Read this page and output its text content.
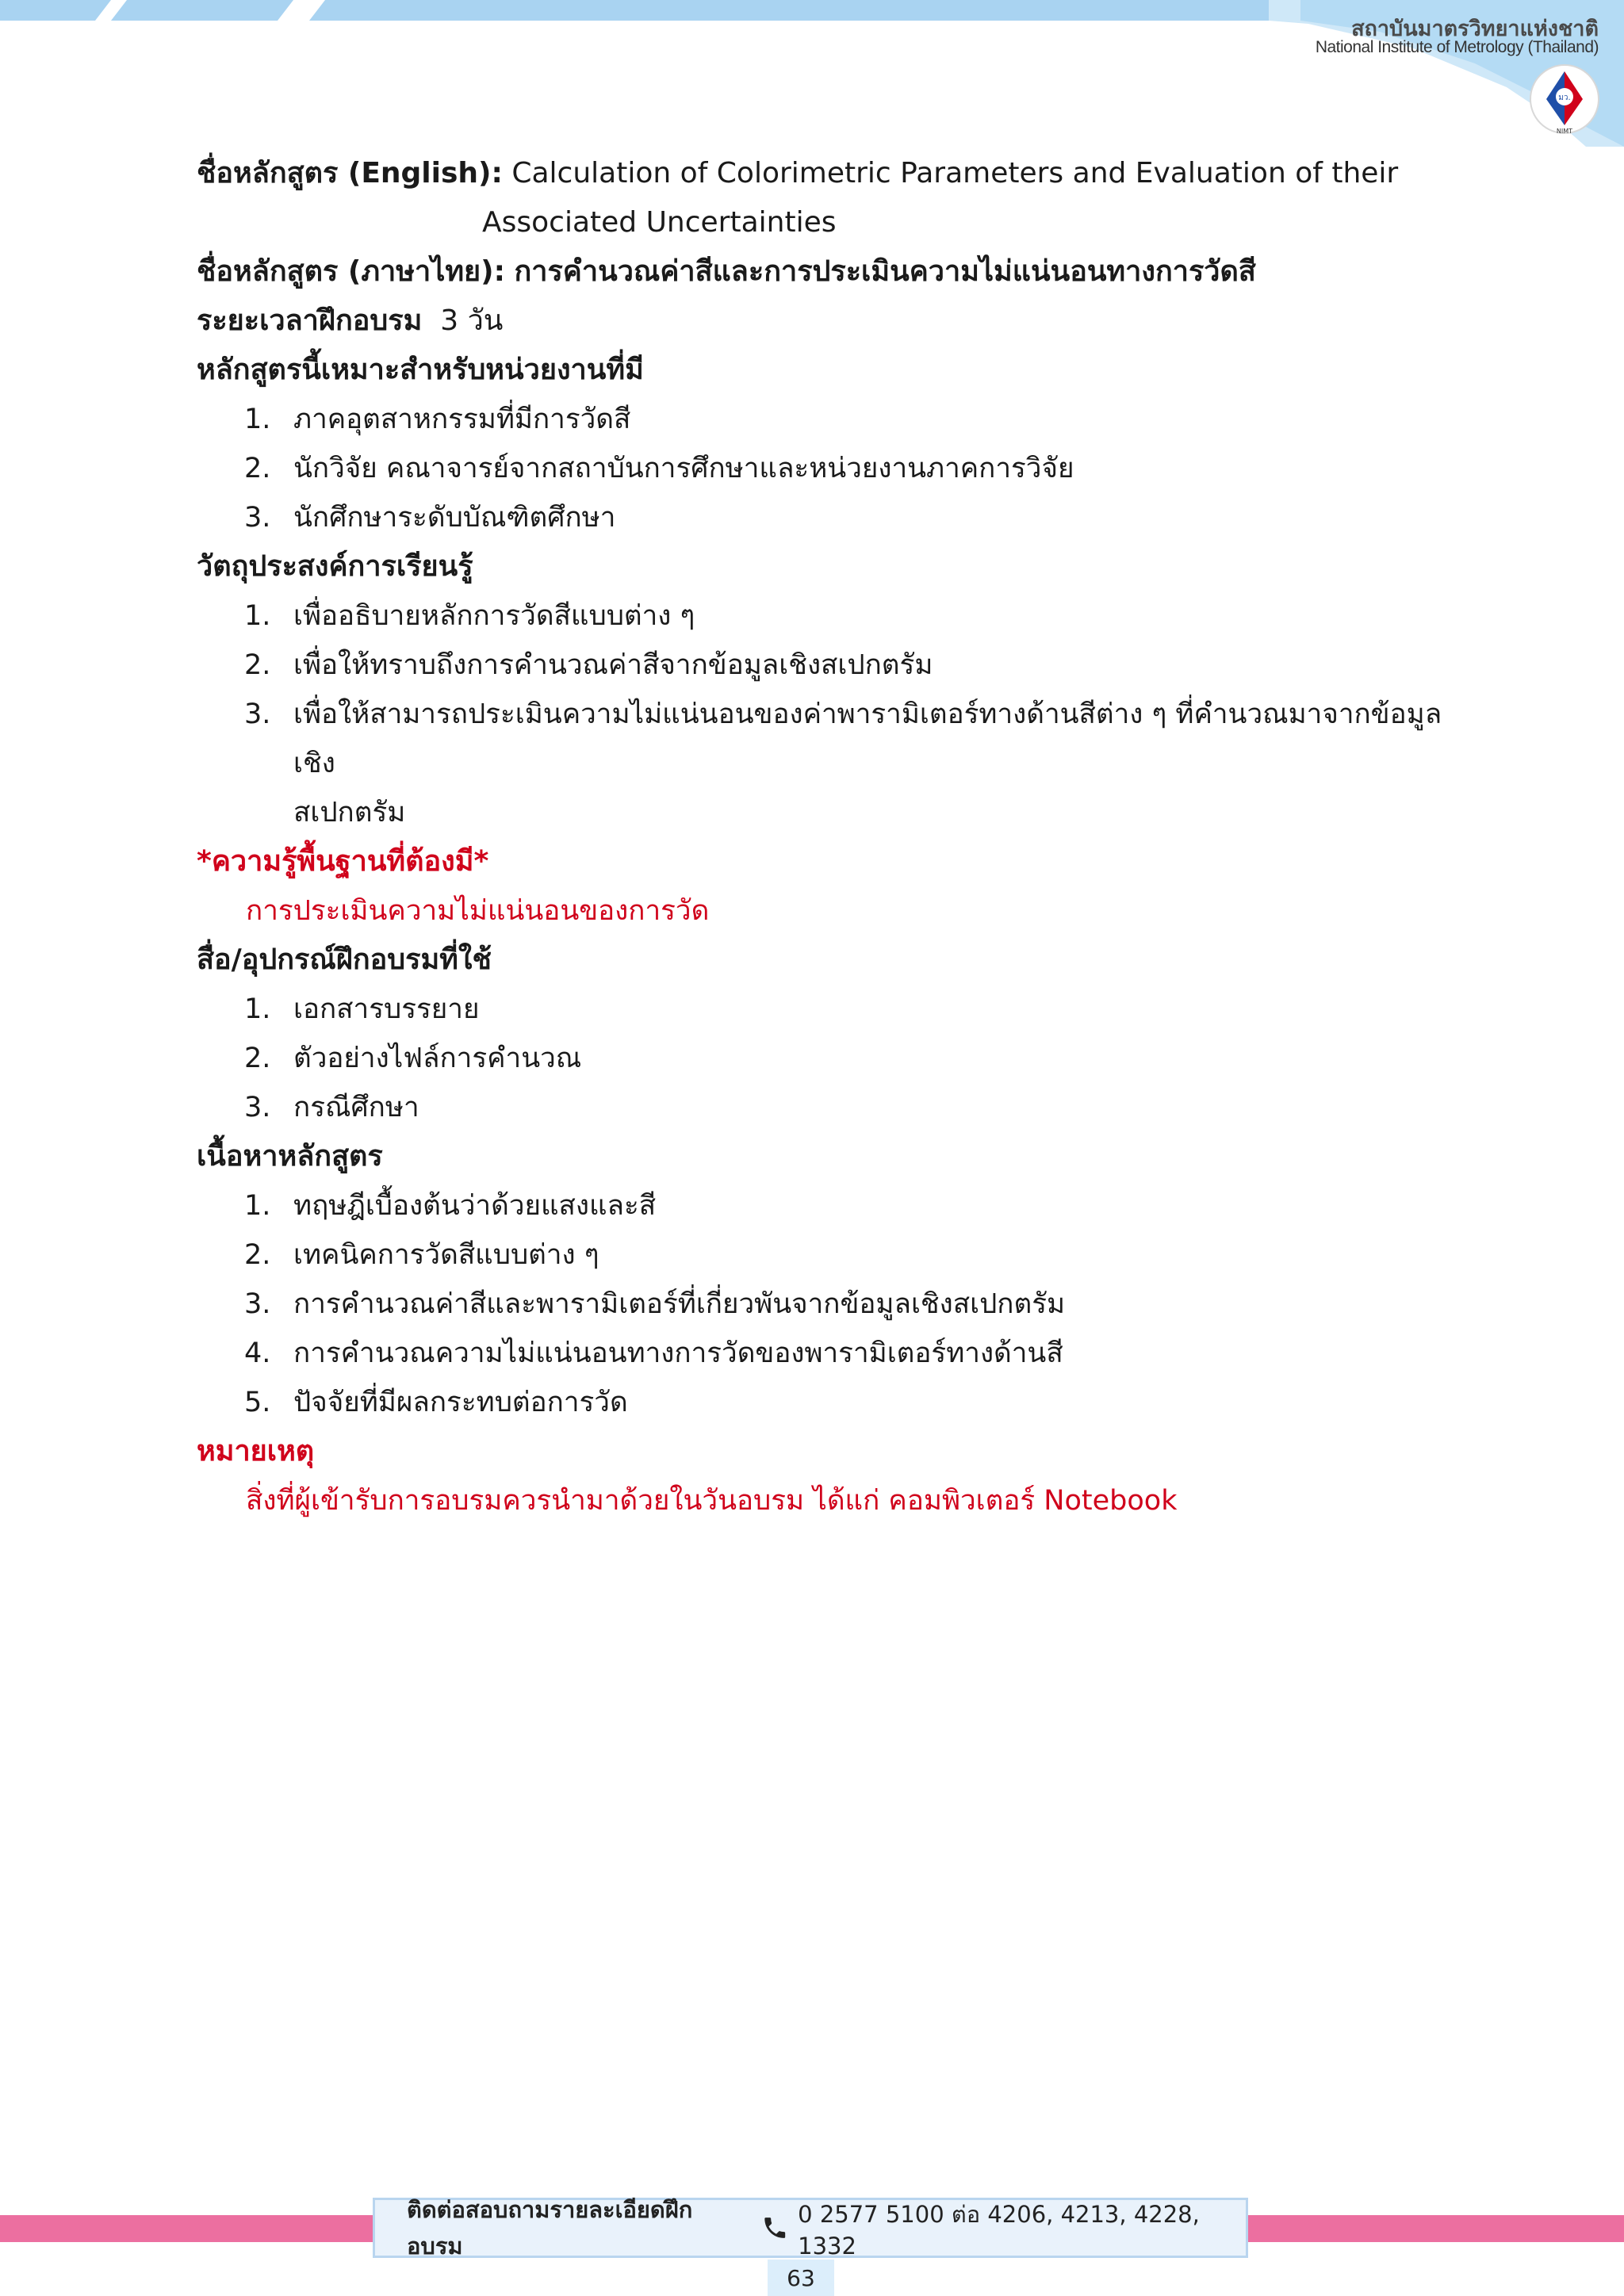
สถาบันมาตรวิทยาแห่งชาติ
National Institute of Metrology (Thailand)
มว.
NIMT
ชื่อหลักสูตร (English): Calculation of Colorimetric Parameters and Evaluation of their
Associated Uncertainties
ชื่อหลักสูตร (ภาษาไทย): การคำนวณค่าสีและการประเมินความไม่แน่นอนทางการวัดสี
ระยะเวลาฝึกอบรม 3 วัน
หลักสูตรนี้เหมาะสำหรับหน่วยงานที่มี
1. ภาคอุตสาหกรรมที่มีการวัดสี
2. นักวิจัย คณาจารย์จากสถาบันการศึกษาและหน่วยงานภาคการวิจัย
3. นักศึกษาระดับบัณฑิตศึกษา
วัตถุประสงค์การเรียนรู้
1. เพื่ออธิบายหลักการวัดสีแบบต่าง ๆ
2. เพื่อให้ทราบถึงการคำนวณค่าสีจากข้อมูลเชิงสเปกตรัม
3. เพื่อให้สามารถประเมินความไม่แน่นอนของค่าพารามิเตอร์ทางด้านสีต่าง ๆ ที่คำนวณมาจากข้อมูลเชิง
สเปกตรัม
*ความรู้พื้นฐานที่ต้องมี*
การประเมินความไม่แน่นอนของการวัด
สื่อ/อุปกรณ์ฝึกอบรมที่ใช้
1. เอกสารบรรยาย
2. ตัวอย่างไฟล์การคำนวณ
3. กรณีศึกษา
เนื้อหาหลักสูตร
1. ทฤษฎีเบื้องต้นว่าด้วยแสงและสี
2. เทคนิคการวัดสีแบบต่าง ๆ
3. การคำนวณค่าสีและพารามิเตอร์ที่เกี่ยวพันจากข้อมูลเชิงสเปกตรัม
4. การคำนวณความไม่แน่นอนทางการวัดของพารามิเตอร์ทางด้านสี
5. ปัจจัยที่มีผลกระทบต่อการวัด
หมายเหตุ
สิ่งที่ผู้เข้ารับการอบรมควรนำมาด้วยในวันอบรม ได้แก่ คอมพิวเตอร์ Notebook
ติดต่อสอบถามรายละเอียดฝึกอบรม
0 2577 5100 ต่อ 4206, 4213, 4228, 1332
63
